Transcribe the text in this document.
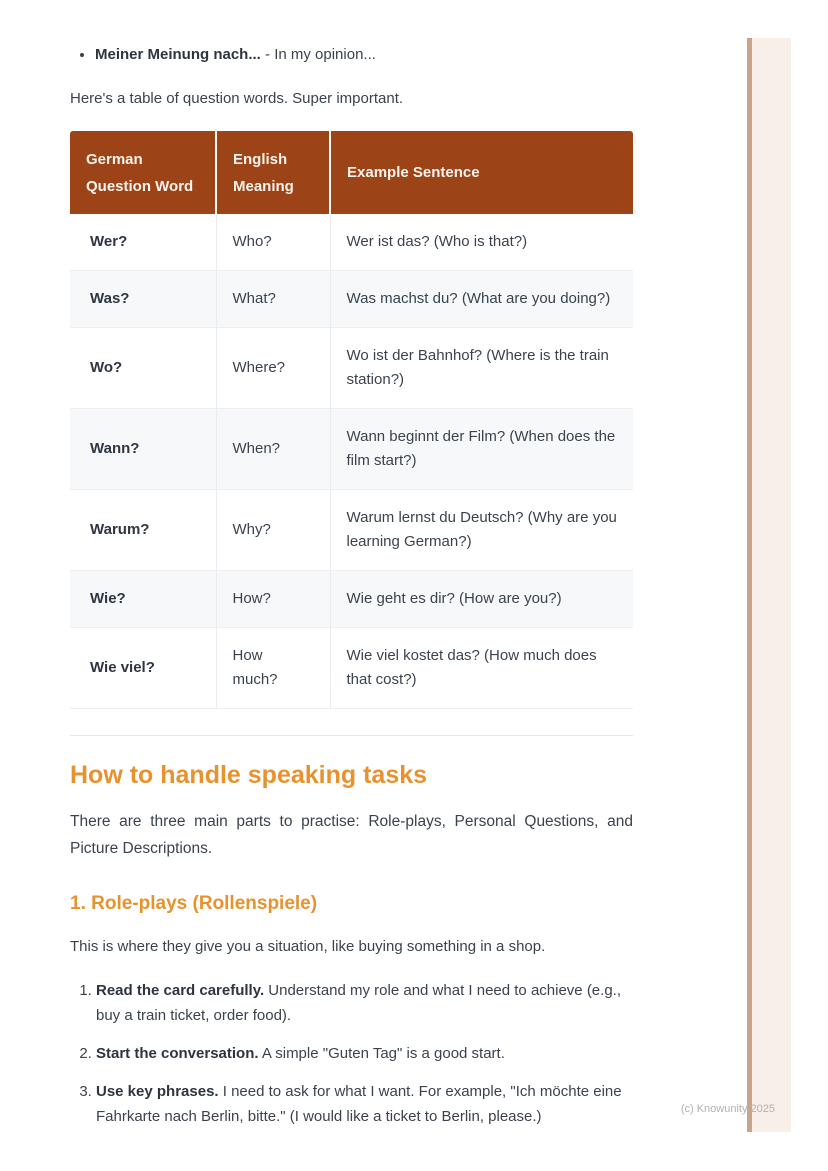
• Meiner Meinung nach... - In my opinion...

Here's a table of question words. Super important.

German Question Word	English Meaning	Example Sentence
Wer?	Who?	Wer ist das? (Who is that?)
Was?	What?	Was machst du? (What are you doing?)
Wo?	Where?	Wo ist der Bahnhof? (Where is the train station?)
Wann?	When?	Wann beginnt der Film? (When does the film start?)
Warum?	Why?	Warum lernst du Deutsch? (Why are you learning German?)
Wie?	How?	Wie geht es dir? (How are you?)
Wie viel?	How much?	Wie viel kostet das? (How much does that cost?)
How to handle speaking tasks

There are three main parts to practise: Role-plays, Personal Questions, and Picture Descriptions.

1. Role-plays (Rollenspiele)

This is where they give you a situation, like buying something in a shop.

1. Read the card carefully. Understand my role and what I need to achieve (e.g., buy a train ticket, order food).
2. Start the conversation. A simple "Guten Tag" is a good start.
3. Use key phrases. I need to ask for what I want. For example, "Ich möchte eine Fahrkarte nach Berlin, bitte." (I would like a ticket to Berlin, please.)	(c) Knowunity 2025
